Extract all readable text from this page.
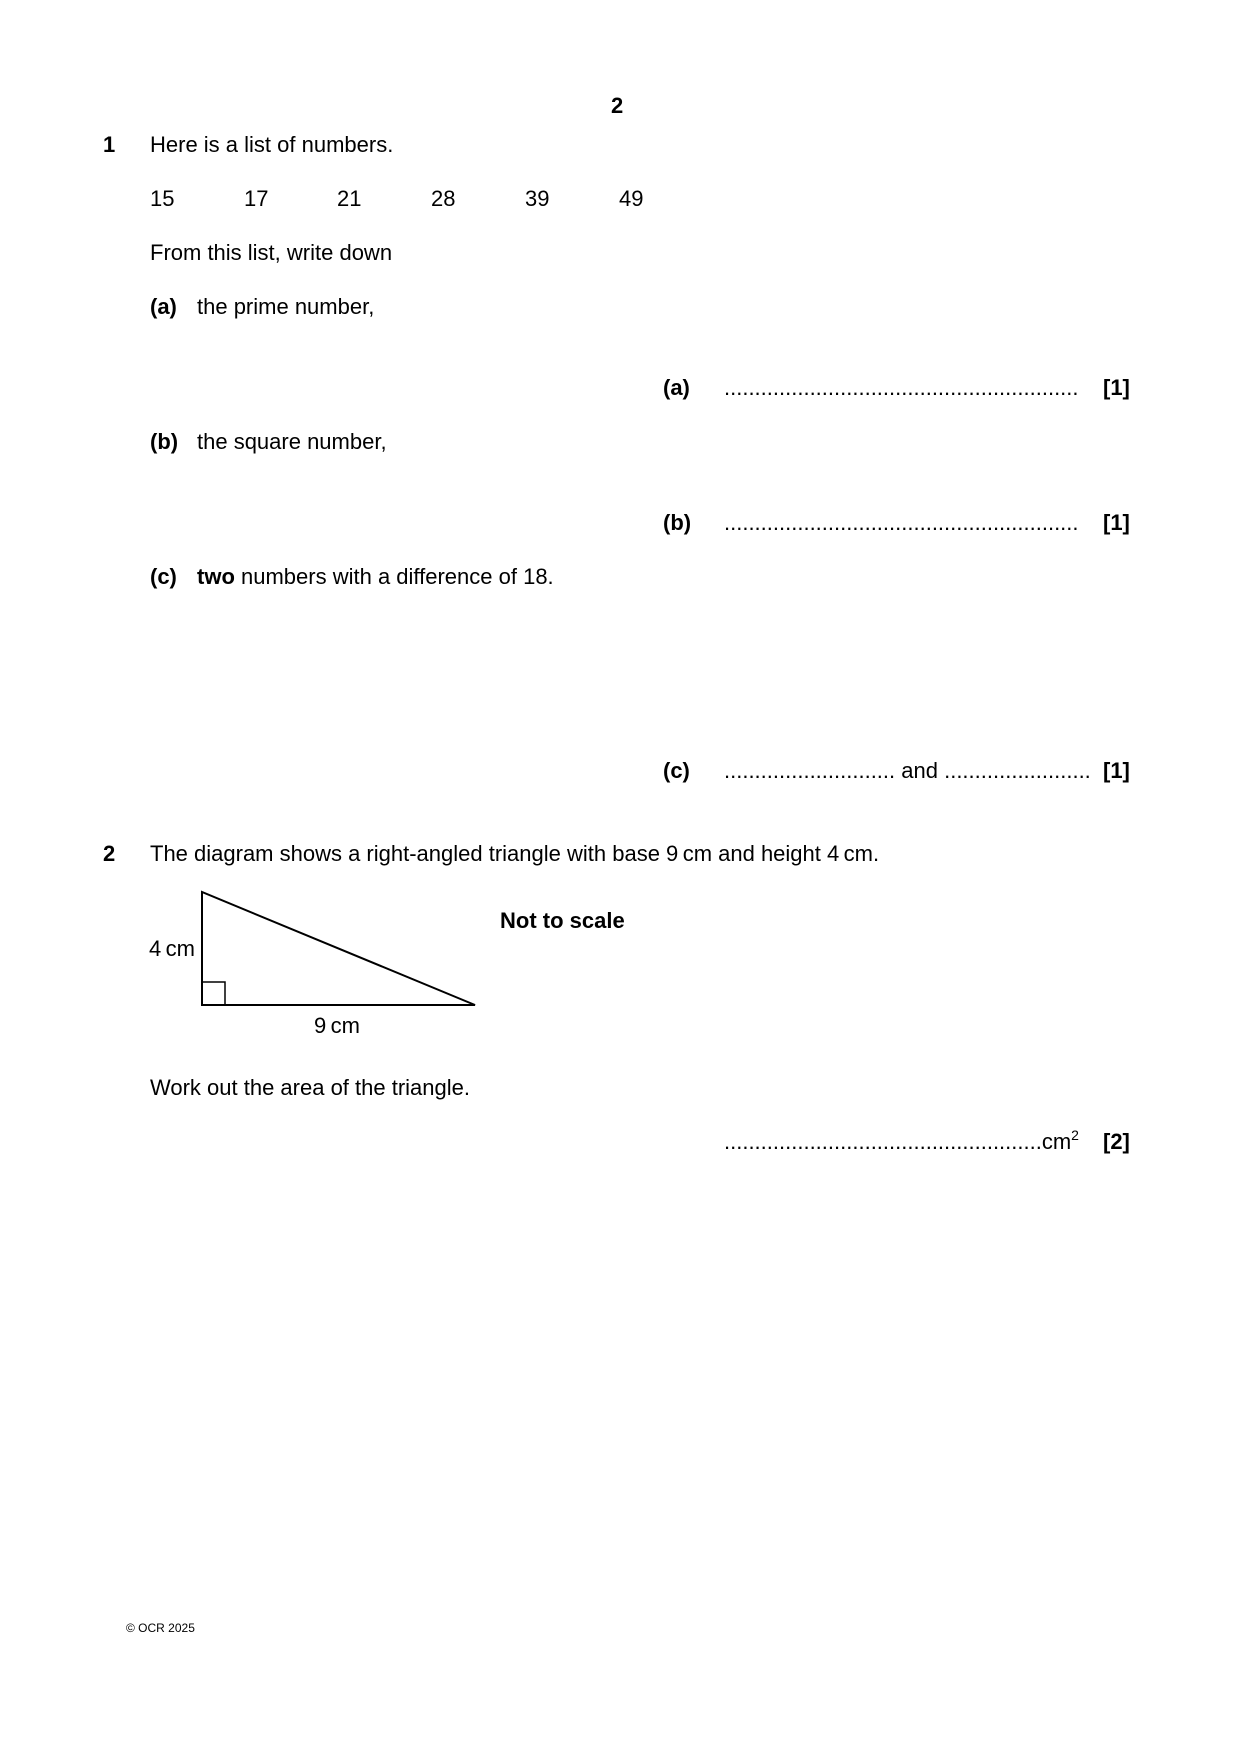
2
1 Here is a list of numbers.
15	17	21	28	39	49
From this list, write down
(a) the prime number,
(a) .......................................................... [1]
(b) the square number,
(b) .......................................................... [1]
(c) two numbers with a difference of 18.
(c) ............................ and ........................ [1]
2 The diagram shows a right-angled triangle with base 9 cm and height 4 cm.
4 cm
9 cm
Not to scale
Work out the area of the triangle.
$....................................................cm^2$ [2]
© OCR 2025
